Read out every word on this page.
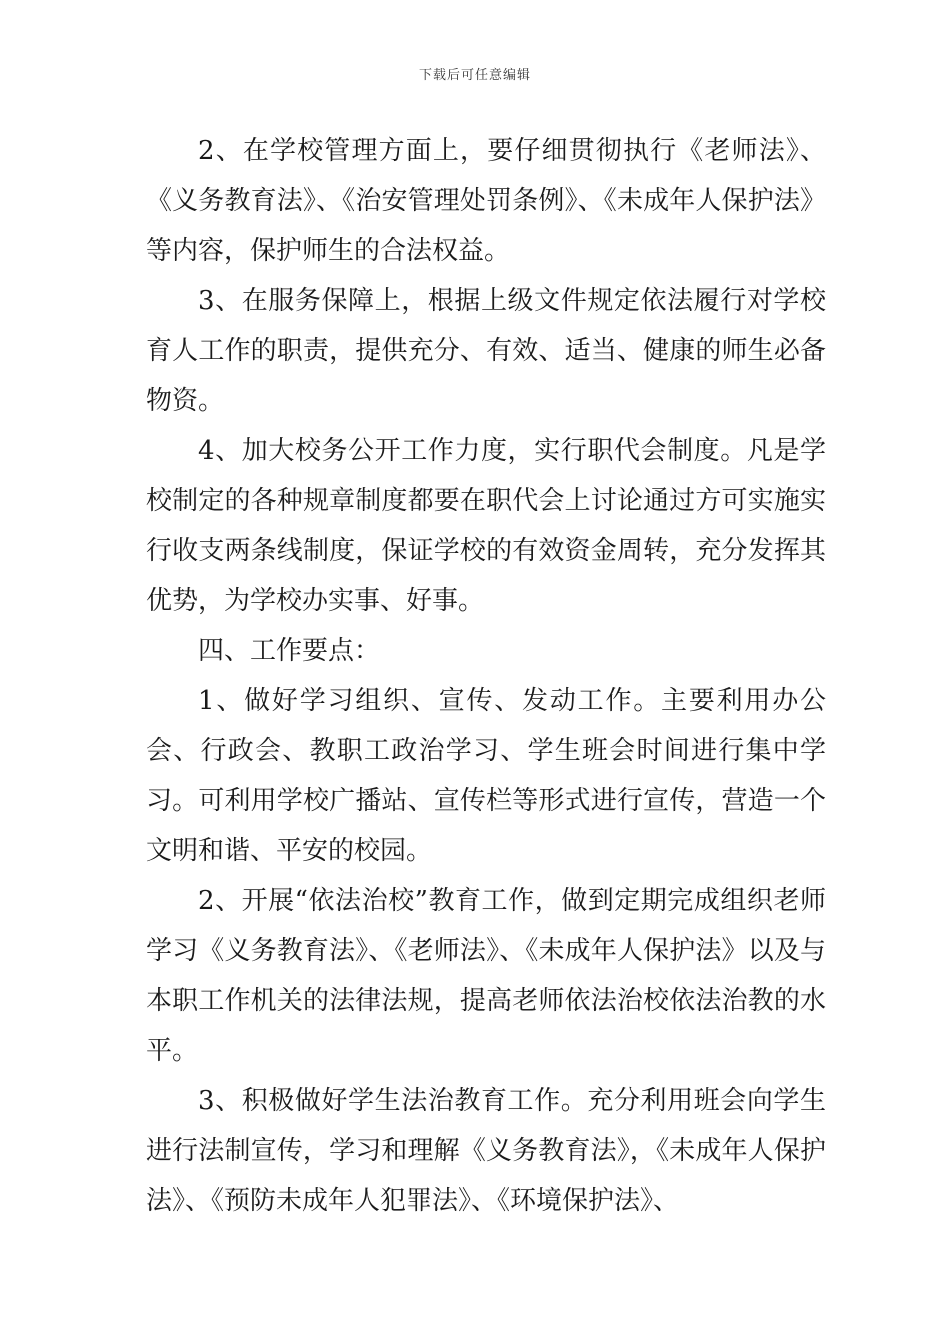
下载后可任意编辑

2、在学校管理方面上，要仔细贯彻执行《老师法》、《义务教育法》、《治安管理处罚条例》、《未成年人保护法》等内容，保护师生的合法权益。

3、在服务保障上，根据上级文件规定依法履行对学校育人工作的职责，提供充分、有效、适当、健康的师生必备物资。

4、加大校务公开工作力度，实行职代会制度。凡是学校制定的各种规章制度都要在职代会上讨论通过方可实施实行收支两条线制度，保证学校的有效资金周转，充分发挥其优势，为学校办实事、好事。

四、工作要点：

1、做好学习组织、宣传、发动工作。主要利用办公会、行政会、教职工政治学习、学生班会时间进行集中学习。可利用学校广播站、宣传栏等形式进行宣传，营造一个文明和谐、平安的校园。

2、开展“依法治校”教育工作，做到定期完成组织老师学习《义务教育法》、《老师法》、《未成年人保护法》以及与本职工作机关的法律法规，提高老师依法治校依法治教的水平。

3、积极做好学生法治教育工作。充分利用班会向学生进行法制宣传，学习和理解《义务教育法》，《未成年人保护法》、《预防未成年人犯罪法》、《环境保护法》、
